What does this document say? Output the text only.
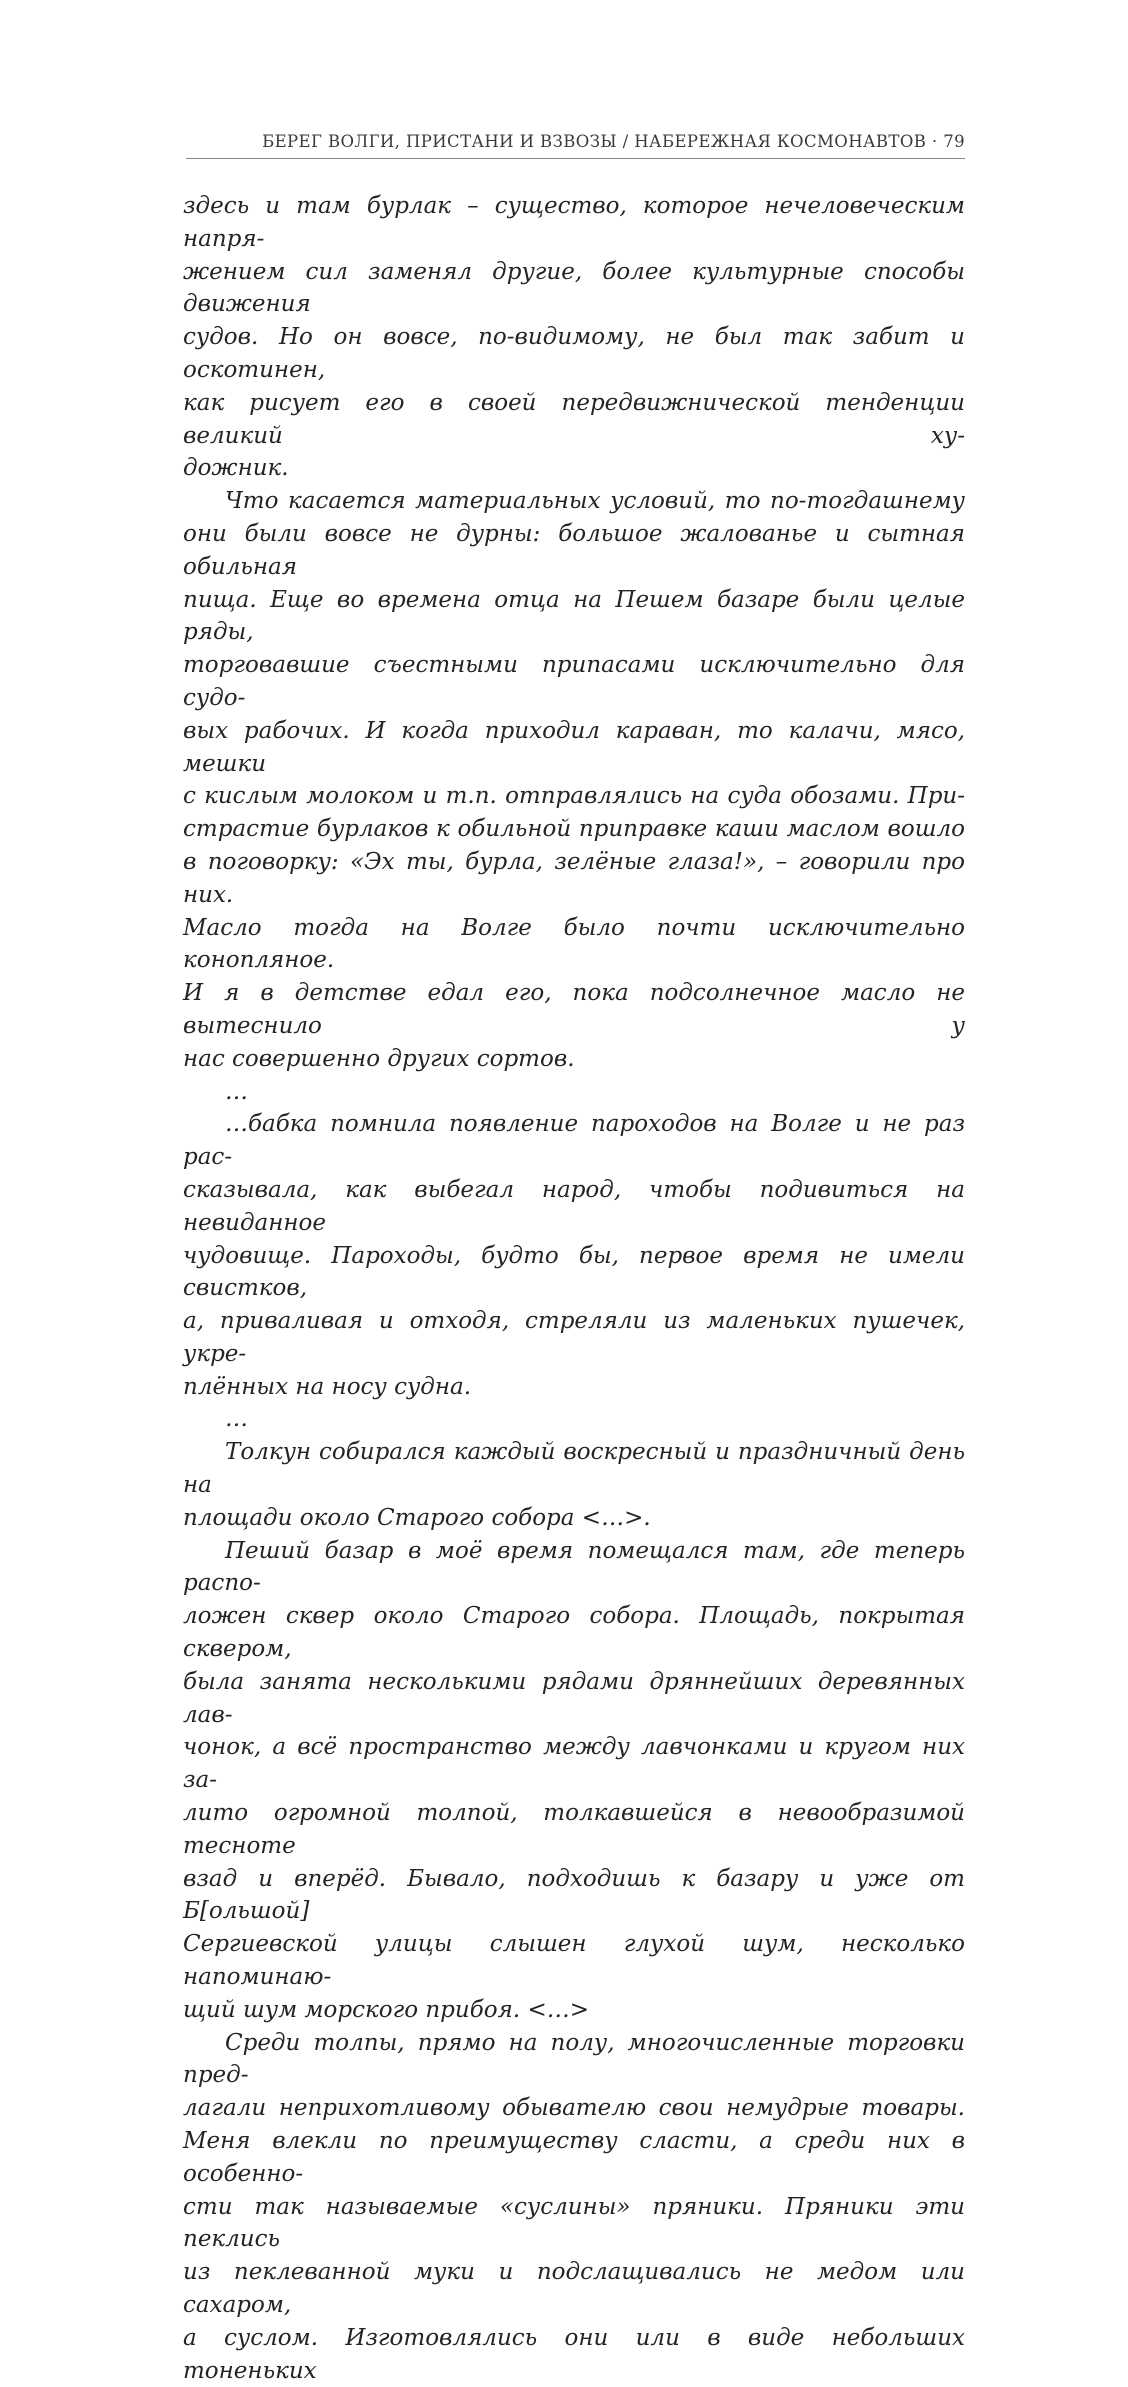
БЕРЕГ ВОЛГИ, ПРИСТАНИ И ВЗВОЗЫ / НАБЕРЕЖНАЯ КОСМОНАВТОВ · 79
здесь и там бурлак – существо, которое нечеловеческим напря-
жением сил заменял другие, более культурные способы движения
судов. Но он вовсе, по-видимому, не был так забит и оскотинен,
как рисует его в своей передвижнической тенденции великий ху-
дожник.
Что касается материальных условий, то по-тогдашнему
они были вовсе не дурны: большое жалованье и сытная обильная
пища. Еще во времена отца на Пешем базаре были целые ряды,
торговавшие съестными припасами исключительно для судо-
вых рабочих. И когда приходил караван, то калачи, мясо, мешки
с кислым молоком и т.п. отправлялись на суда обозами. При-
страстие бурлаков к обильной приправке каши маслом вошло
в поговорку: «Эх ты, бурла, зелёные глаза!», – говорили про них.
Масло тогда на Волге было почти исключительно конопляное.
И я в детстве едал его, пока подсолнечное масло не вытеснило у
нас совершенно других сортов.
…
…бабка помнила появление пароходов на Волге и не раз рас-
сказывала, как выбегал народ, чтобы подивиться на невиданное
чудовище. Пароходы, будто бы, первое время не имели свистков,
а, приваливая и отходя, стреляли из маленьких пушечек, укре-
плённых на носу судна.
…
Толкун собирался каждый воскресный и праздничный день на
площади около Старого собора <…>.
Пеший базар в моё время помещался там, где теперь распо-
ложен сквер около Старого собора. Площадь, покрытая сквером,
была занята несколькими рядами дряннейших деревянных лав-
чонок, а всё пространство между лавчонками и кругом них за-
лито огромной толпой, толкавшейся в невообразимой тесноте
взад и вперёд. Бывало, подходишь к базару и уже от Б[ольшой]
Сергиевской улицы слышен глухой шум, несколько напоминаю-
щий шум морского прибоя. <…>
Среди толпы, прямо на полу, многочисленные торговки пред-
лагали неприхотливому обывателю свои немудрые товары.
Меня влекли по преимуществу сласти, а среди них в особенно-
сти так называемые «суслины» пряники. Пряники эти пеклись
из пеклеванной муки и подслащивались не медом или сахаром,
а суслом. Изготовлялись они или в виде небольших тоненьких
